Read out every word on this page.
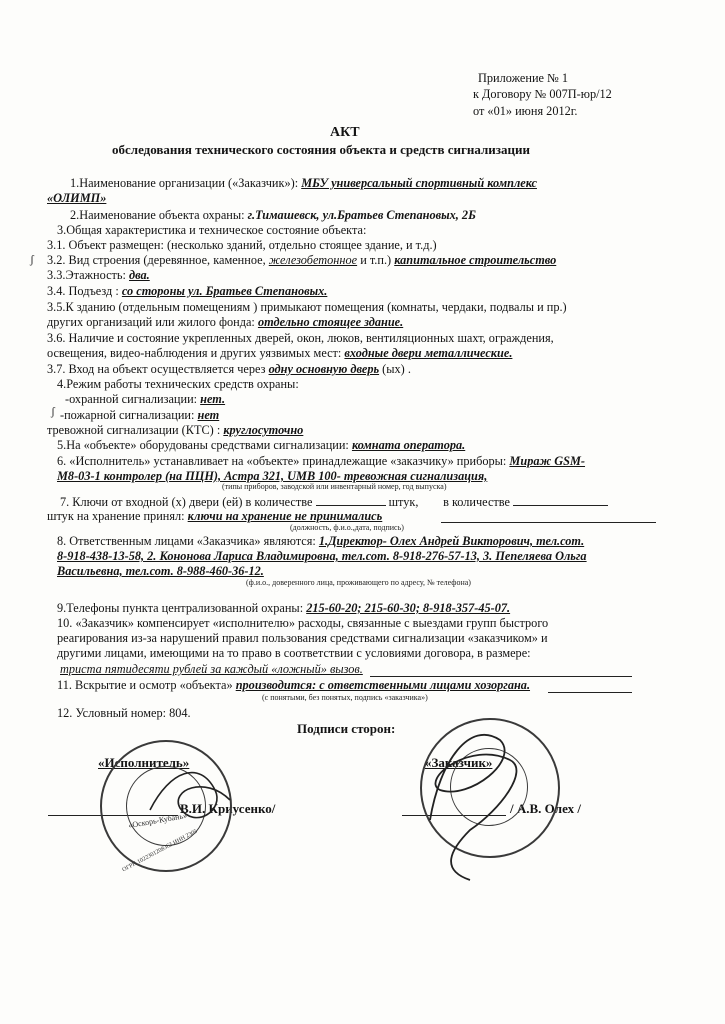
Приложение № 1
к Договору № 007П-юр/12
от «01» июня 2012г.
АКТ
обследования технического состояния объекта и средств сигнализации
1.Наименование организации («Заказчик»): МБУ универсальный спортивный комплекс
«ОЛИМП»
2.Наименование объекта охраны: г.Тимашевск, ул.Братьев Степановых, 2Б
3.Общая характеристика и техническое состояние объекта:
3.1. Объект размещен: (несколько зданий, отдельно стоящее здание, и т.д.)
3.2. Вид строения (деревянное, каменное, железобетонное и т.п.) капитальное строительство
3.3.Этажность: два.
3.4. Подъезд : со стороны ул. Братьев Степановых.
3.5.К зданию (отдельным помещениям ) примыкают помещения (комнаты, чердаки, подвалы и пр.)
других организаций или жилого фонда: отдельно стоящее здание.
3.6. Наличие и состояние укрепленных дверей, окон, люков, вентиляционных шахт, ограждения,
освещения, видео-наблюдения и других уязвимых мест: входные двери металлические.
3.7. Вход на объект осуществляется через одну основную дверь (ых) .
4.Режим работы технических средств охраны:
-охранной сигнализации: нет.
-пожарной сигнализации: нет
тревожной сигнализации (КТС) : круглосуточно
5.На «объекте» оборудованы средствами сигнализации: комната оператора.
6. «Исполнитель» устанавливает на «объекте» принадлежащие «заказчику» приборы: Мираж GSM-
M8-03-1 контролер (на ПЦН), Астра 321, UMB 100- тревожная сигнализация,
(типы приборов, заводской или инвентарный номер, год выпуска)
7. Ключи от входной (х) двери (ей) в количестве	штук, в количестве
штук на хранение принял: ключи на хранение не принимались
(должность, ф.и.о.,дата, подпись)
8. Ответственным лицами «Заказчика» являются: 1.Директор- Олех Андрей Викторович, тел.сот.
8-918-438-13-58, 2. Кононова Лариса Владимировна, тел.сот. 8-918-276-57-13, 3. Пепеляева Ольга
Васильевна, тел.сот. 8-988-460-36-12.
(ф.и.о., доверенного лица, проживающего по адресу, № телефона)
9.Телефоны пункта централизованной охраны: 215-60-20; 215-60-30; 8-918-357-45-07.
10. «Заказчик» компенсирует «исполнителю» расходы, связанные с выездами групп быстрого
реагирования из-за нарушений правил пользования средствами сигнализации «заказчиком» и
другими лицами, имеющими на то право в соответствии с условиями договора, в размере:
триста пятидесяти рублей за каждый «ложный» вызов.
11. Вскрытие и осмотр «объекта» производится: с ответственными лицами хозоргана.
(с понятыми, без понятых, подпись «заказчика»)
12. Условный номер: 804.
Подписи сторон:
«Исполнитель»	«Заказчик»
В.И. Криусенко/	/ А.В. Олех /
«Оскорь-Кубань»
ОГРН 1022301208362 ИНН 2305
ʃ
ʃ
